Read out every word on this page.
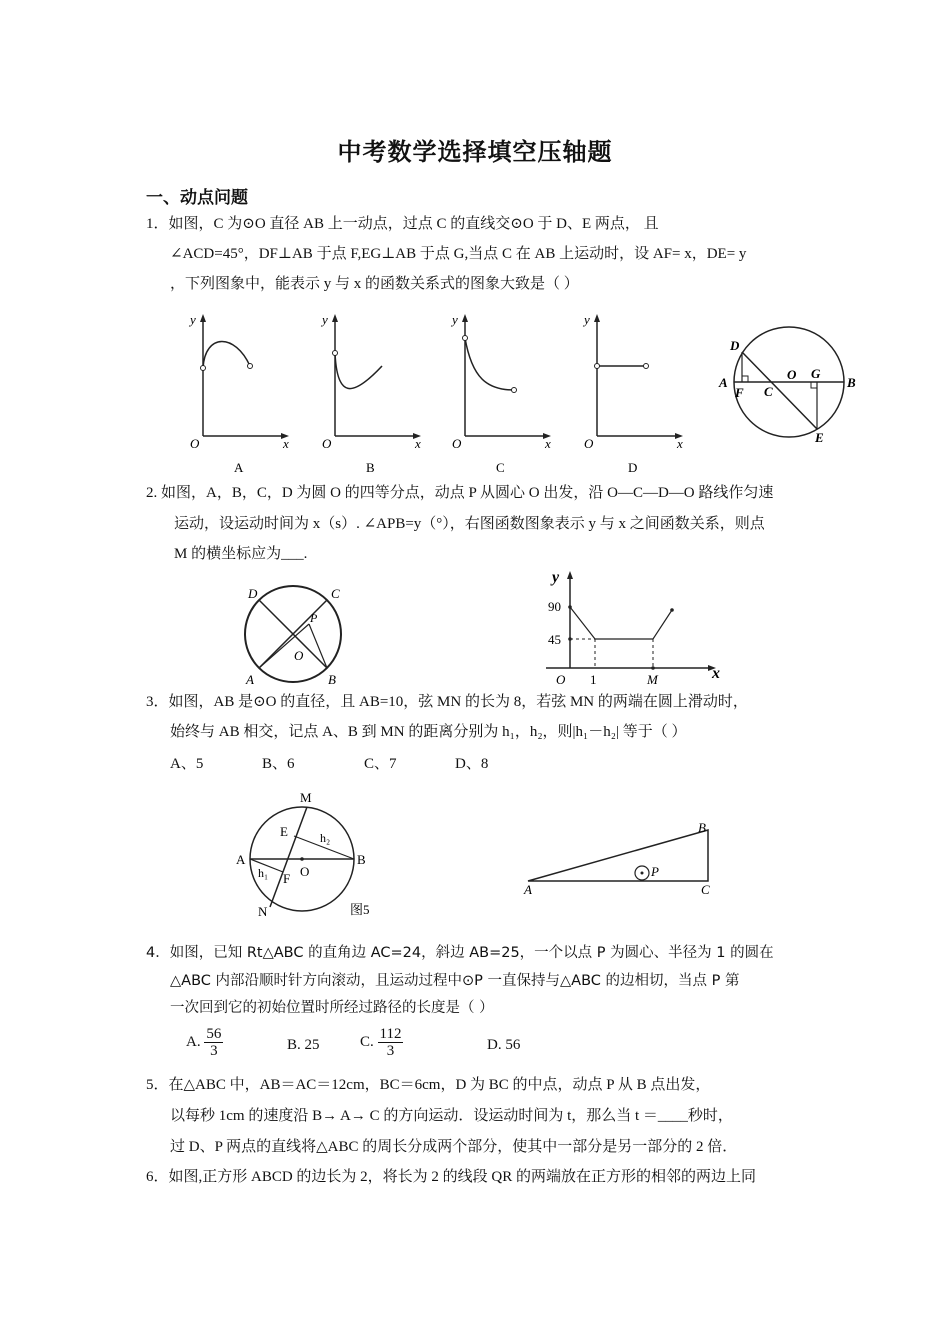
中考数学选择填空压轴题
一、动点问题
1．如图，C 为⊙O 直径 AB 上一动点，过点 C 的直线交⊙O 于 D、E 两点， 且
∠ACD=45°，DF⊥AB 于点 F,EG⊥AB 于点 G,当点 C 在 AB 上运动时，设 AF= x，DE= y
，下列图象中，能表示 y 与 x 的函数关系式的图象大致是（ ）
y
x
O
A
y
x
O
B
y
x
O
C
y
x
O
D
D
A
F C
O G
B
E
2. 如图，A，B，C，D 为圆 O 的四等分点，动点 P 从圆心 O 出发，沿 O—C—D—O 路线作匀速
运动，设运动时间为 x（s）. ∠APB=y（°），右图函数图象表示 y 与 x 之间函数关系，则点
M 的横坐标应为___.
D	C
P
O
A	B
y
x
O
90
45
1	M
3．如图，AB 是⊙O 的直径，且 AB=10，弦 MN 的长为 8，若弦 MN 的两端在圆上滑动时，
始终与 AB 相交，记点 A、B 到 MN 的距离分别为 h₁，h₂，则|h₁－h₂| 等于（ ）
A、5	B、6	C、7	D、8
M
E	h₂
A
h₁ F O
B
N	图5
B
A	C
P
4．如图，已知 Rt△ABC 的直角边 AC=24，斜边 AB=25，一个以点 P 为圆心、半径为 1 的圆在
△ABC 内部沿顺时针方向滚动，且运动过程中⊙P 一直保持与△ABC 的边相切，当点 P 第
一次回到它的初始位置时所经过路径的长度是（ ）
A. $\frac{56}{3}$	B. 25	C. $\frac{112}{3}$	D. 56
5．在△ABC 中，AB＝AC＝12cm，BC＝6cm，D 为 BC 的中点，动点 P 从 B 点出发，
以每秒 1cm 的速度沿 B→ A→ C 的方向运动．设运动时间为 t，那么当 t ＝____秒时，
过 D、P 两点的直线将△ABC 的周长分成两个部分，使其中一部分是另一部分的 2 倍．
6．如图,正方形 ABCD 的边长为 2，将长为 2 的线段 QR 的两端放在正方形的相邻的两边上同
